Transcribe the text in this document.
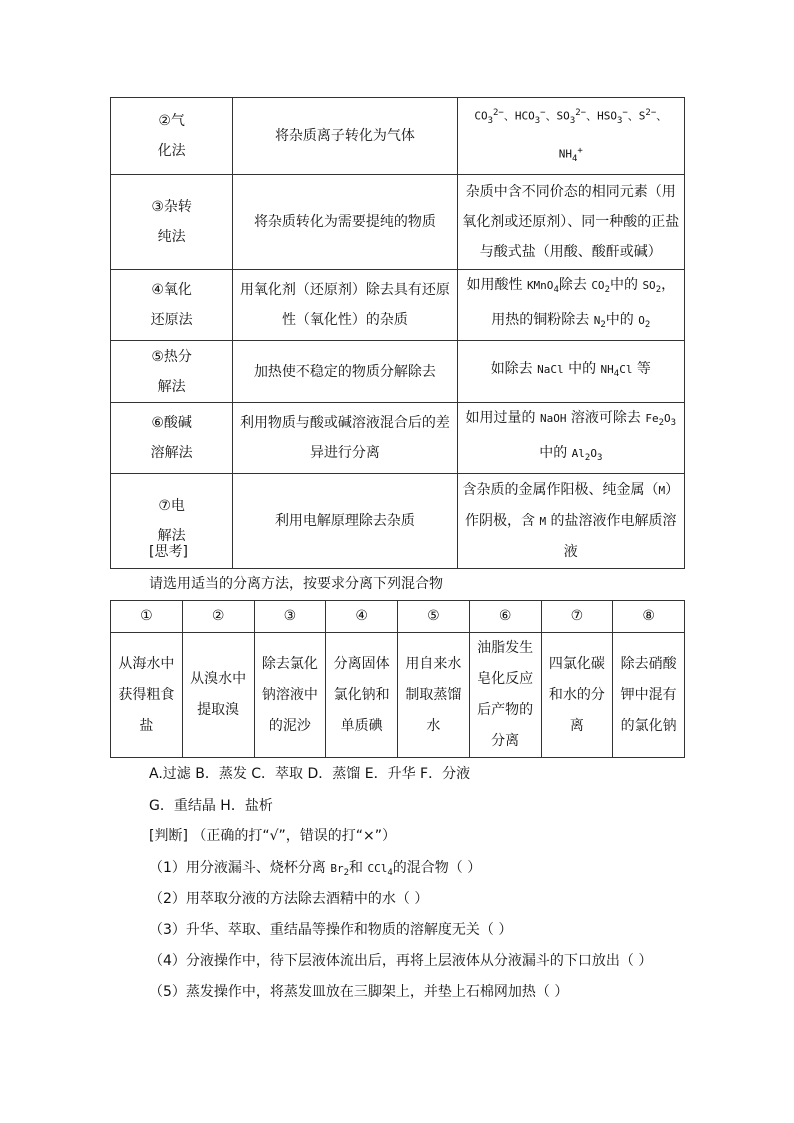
②气
化法	将杂质离子转化为气体	$CO_3^{2-}$、$HCO_3^-$、$SO_3^{2-}$、$HSO_3^-$、$S^{2-}$、
$NH_4^+$
③杂转
纯法	将杂质转化为需要提纯的物质	杂质中含不同价态的相同元素（用
氧化剂或还原剂）、同一种酸的正盐
与酸式盐（用酸、酸酐或碱）
④氧化
还原法	用氧化剂（还原剂）除去具有还原
性（氧化性）的杂质	如用酸性 KMnO$_4$除去 $CO_2$中的 $SO_2$，
用热的铜粉除去 $N_2$中的 $O_2$
⑤热分
解法	加热使不稳定的物质分解除去	如除去 NaCl 中的 $NH_4Cl$ 等
⑥酸碱
溶解法	利用物质与酸或碱溶液混合后的差
异进行分离	如用过量的 NaOH 溶液可除去 $Fe_2O_3$
中的 $Al_2O_3$
⑦电
解法	利用电解原理除去杂质	含杂质的金属作阳极、纯金属（M）
作阴极，含 M 的盐溶液作电解质溶
液
[思考]
请选用适当的分离方法，按要求分离下列混合物
①	②	③	④	⑤	⑥	⑦	⑧
从海水中
获得粗食
盐	从溴水中
提取溴	除去氯化
钠溶液中
的泥沙	分离固体
氯化钠和
单质碘	用自来水
制取蒸馏
水	油脂发生
皂化反应
后产物的
分离	四氯化碳
和水的分
离	除去硝酸
钾中混有
的氯化钠
A.过滤 B．蒸发 C．萃取 D．蒸馏 E．升华 F．分液
G．重结晶 H．盐析
[判断] （正确的打“√”，错误的打“×”）
（1）用分液漏斗、烧杯分离 $Br_2$和 CCl$_4$的混合物（ ）
（2）用萃取分液的方法除去酒精中的水（ ）
（3）升华、萃取、重结晶等操作和物质的溶解度无关（ ）
（4）分液操作中，待下层液体流出后，再将上层液体从分液漏斗的下口放出（ ）
（5）蒸发操作中，将蒸发皿放在三脚架上，并垫上石棉网加热（ ）
